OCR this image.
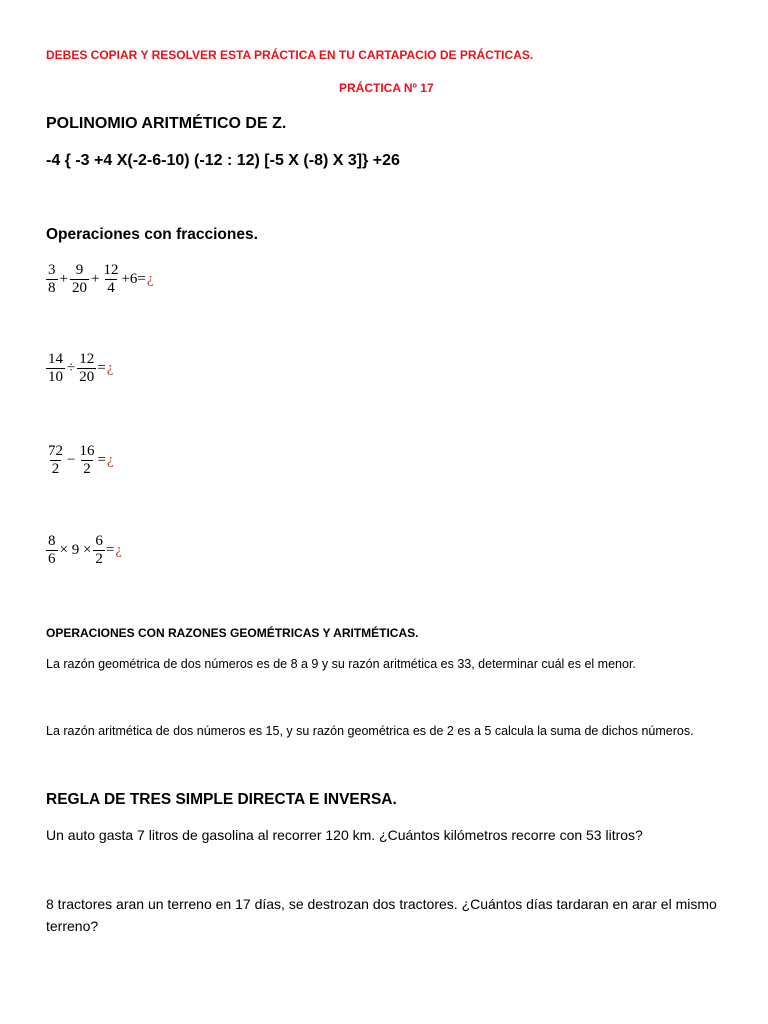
DEBES COPIAR Y RESOLVER ESTA PRÁCTICA EN TU CARTAPACIO DE PRÁCTICAS.
PRÁCTICA Nº 17
POLINOMIO ARITMÉTICO DE Z.
-4 { -3 +4 X(-2-6-10) (-12 : 12) [-5 X (-8) X 3]} +26
Operaciones con fracciones.
$\frac{3}{8} + \frac{9}{20} + \frac{12}{4} +6=$ ¿
$\frac{14}{10} \div \frac{12}{20}$ = ¿
$\frac{72}{2} - \frac{16}{2}$ = ¿
$\frac{8}{6} \times 9 \times \frac{6}{2}$ = ¿
OPERACIONES CON RAZONES GEOMÉTRICAS Y ARITMÉTICAS.
La razón geométrica de dos números es de 8 a 9 y su razón aritmética es 33, determinar cuál es el menor.
La razón aritmética de dos números es 15, y su razón geométrica es de 2 es a 5 calcula la suma de dichos números.
REGLA DE TRES SIMPLE DIRECTA E INVERSA.
Un auto gasta 7 litros de gasolina al recorrer 120 km. ¿Cuántos kilómetros recorre con 53 litros?
8 tractores aran un terreno en 17 días, se destrozan dos tractores. ¿Cuántos días tardaran en arar el mismo
terreno?
